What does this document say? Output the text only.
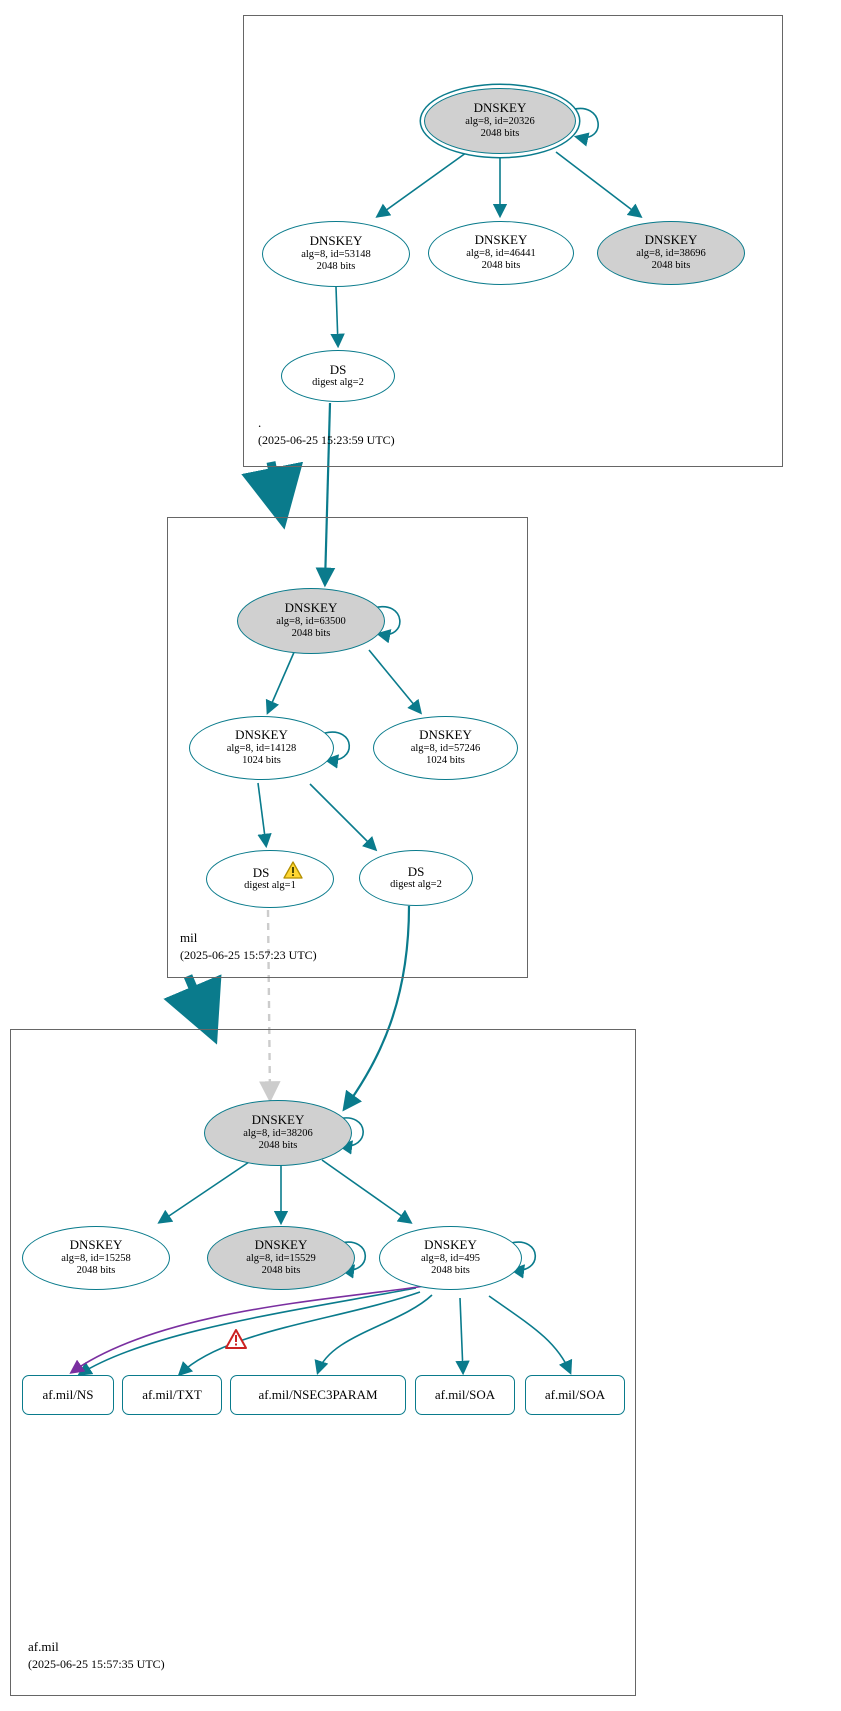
.
(2025-06-25 15:23:59 UTC)
mil
(2025-06-25 15:57:23 UTC)
af.mil
(2025-06-25 15:57:35 UTC)
DNSKEY
alg=8, id=20326
2048 bits
DNSKEY
alg=8, id=53148
2048 bits
DNSKEY
alg=8, id=46441
2048 bits
DNSKEY
alg=8, id=38696
2048 bits
DS
digest alg=2
DNSKEY
alg=8, id=63500
2048 bits
DNSKEY
alg=8, id=14128
1024 bits
DNSKEY
alg=8, id=57246
1024 bits
DS
digest alg=1
DS
digest alg=2
DNSKEY
alg=8, id=38206
2048 bits
DNSKEY
alg=8, id=15258
2048 bits
DNSKEY
alg=8, id=15529
2048 bits
DNSKEY
alg=8, id=495
2048 bits
af.mil/NS	af.mil/TXT	af.mil/NSEC3PARAM	af.mil/SOA	af.mil/SOA
